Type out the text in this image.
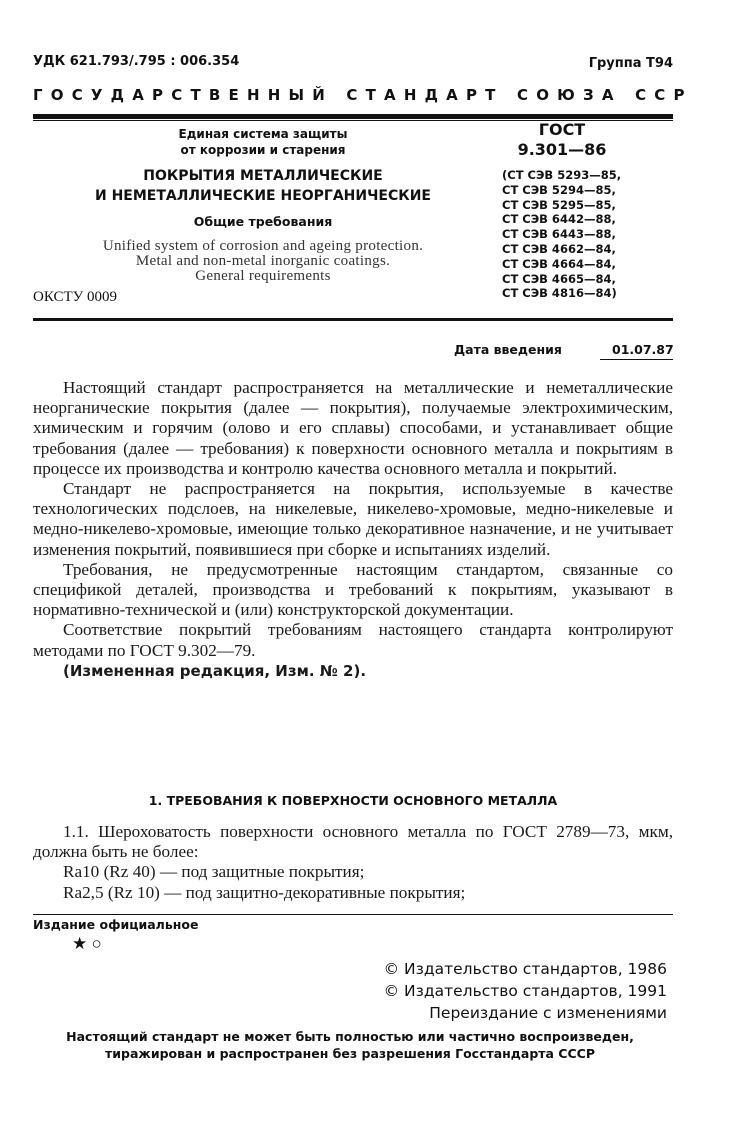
УДК 621.793/.795 : 006.354	Группа Т94
ГОСУДАРСТВЕННЫЙ СТАНДАРТ СОЮЗА ССР
Единая система защиты
от коррозии и старения
ПОКРЫТИЯ МЕТАЛЛИЧЕСКИЕ
И НЕМЕТАЛЛИЧЕСКИЕ НЕОРГАНИЧЕСКИЕ
Общие требования
Unified system of corrosion and ageing protection.
Metal and non-metal inorganic coatings.
General requirements
ОКСТУ 0009
ГОСТ
9.301—86
(СТ СЭВ 5293—85,
СТ СЭВ 5294—85,
СТ СЭВ 5295—85,
СТ СЭВ 6442—88,
СТ СЭВ 6443—88,
СТ СЭВ 4662—84,
СТ СЭВ 4664—84,
СТ СЭВ 4665—84,
СТ СЭВ 4816—84)
Дата введения	01.07.87

Настоящий стандарт распространяется на металлические и неметаллические неорганические покрытия (далее — покрытия), получаемые электрохимическим, химическим и горячим (олово и его сплавы) способами, и устанавливает общие требования (далее — требования) к поверхности основного металла и покрытиям в процессе их производства и контролю качества основного металла и покрытий.

Стандарт не распространяется на покрытия, используемые в качестве технологических подслоев, на никелевые, никелево-хромовые, медно-никелевые и медно-никелево-хромовые, имеющие только декоративное назначение, и не учитывает изменения покрытий, появившиеся при сборке и испытаниях изделий.

Требования, не предусмотренные настоящим стандартом, связанные со спецификой деталей, производства и требований к покрытиям, указывают в нормативно-технической и (или) конструкторской документации.

Соответствие покрытий требованиям настоящего стандарта контролируют методами по ГОСТ 9.302—79.

(Измененная редакция, Изм. № 2).

1. ТРЕБОВАНИЯ К ПОВЕРХНОСТИ ОСНОВНОГО МЕТАЛЛА

1.1. Шероховатость поверхности основного металла по ГОСТ 2789—73, мкм, должна быть не более:

Ra10 (Rz 40) — под защитные покрытия;

Ra2,5 (Rz 10) — под защитно-декоративные покрытия;

Издание официальное
★ ○
© Издательство стандартов, 1986
© Издательство стандартов, 1991
Переиздание с изменениями
Настоящий стандарт не может быть полностью или частично воспроизведен,
тиражирован и распространен без разрешения Госстандарта СССР
